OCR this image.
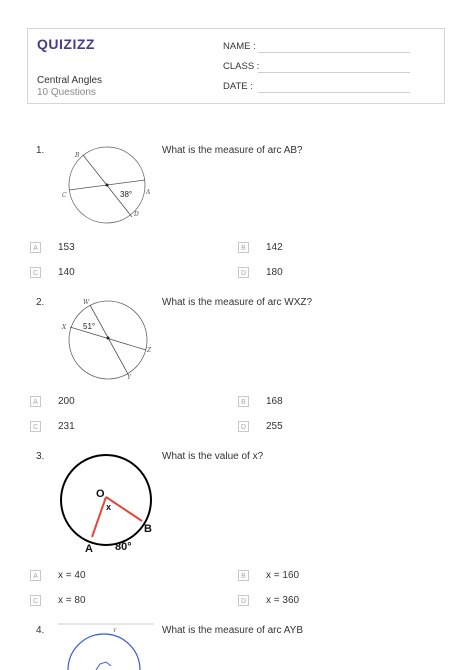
QUIZIZZ
Central Angles
10 Questions
NAME :
CLASS :
DATE :
1.	What is the measure of arc AB?
B
C	A
D
38°
A	153	B	142
C 140	D 180
2.	What is the measure of arc WXZ?
W
X
Z
Y
51°
A	200	B	168
C 231	D 255
3.	What is the value of x?
O
x
A
B
80°
A	x = 40	B	x = 160
C x = 80	D x = 360
4.	What is the measure of arc AYB
Y
